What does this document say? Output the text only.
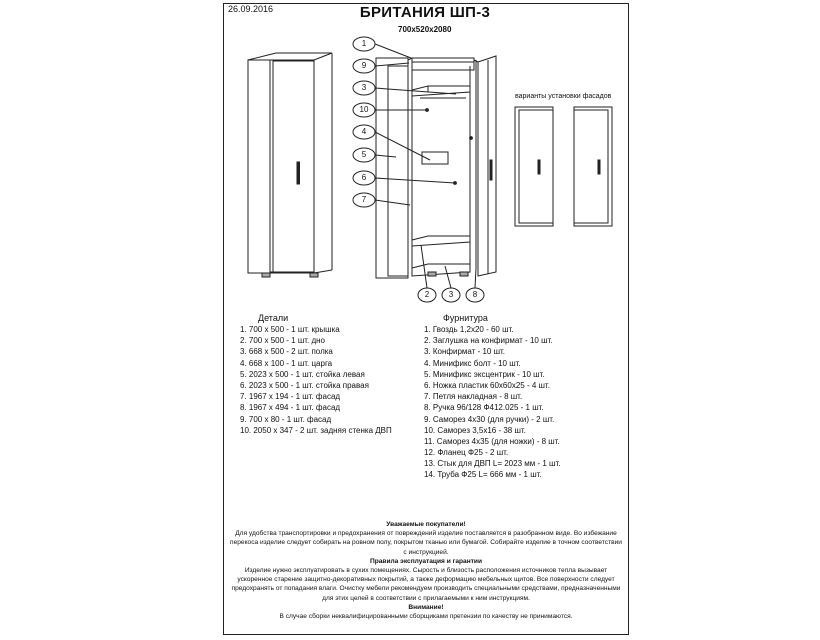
26.09.2016	БРИТАНИЯ ШП-3
700х520х2080
варианты установки фасадов
1
9
3
10
4
5
6
7
2	3	8
Детали
1. 700 х 500 - 1 шт. крышка
2. 700 х 500 - 1 шт. дно
3. 668 х 500 - 2 шт. полка
4. 668 х 100 - 1 шт. царга
5. 2023 х 500 - 1 шт. стойка левая
6. 2023 х 500 - 1 шт. стойка правая
7. 1967 х 194 - 1 шт. фасад
8. 1967 х 494 - 1 шт. фасад
9. 700 х 80 - 1 шт. фасад
10. 2050 х 347 - 2 шт. задняя стенка ДВП
Фурнитура
1. Гвоздь 1,2х20 - 60 шт.
2. Заглушка на конфирмат - 10 шт.
3. Конфирмат - 10 шт.
4. Минификс болт - 10 шт.
5. Минификс эксцентрик - 10 шт.
6. Ножка пластик 60х60х25 - 4 шт.
7. Петля накладная - 8 шт.
8. Ручка 96/128 Ф412.025 - 1 шт.
9. Саморез 4х30 (для ручки) - 2 шт.
10. Саморез 3,5х16 - 38 шт.
11. Саморез 4х35 (для ножки) - 8 шт.
12. Фланец Ф25 - 2 шт.
13. Стык для ДВП L= 2023 мм - 1 шт.
14. Труба Ф25 L= 666 мм - 1 шт.
Уважаемые покупатели!
Для удобства транспортировки и предохранения от повреждений изделие поставляется в разобранном виде. Во избежание перекоса изделие следует собирать на ровном полу, покрытом тканью или бумагой. Собирайте изделие в точном соответствии с инструкцией.
Правила эксплуатация и гарантии
Изделие нужно эксплуатировать в сухих помещениях. Сырость и близость расположения источников тепла вызывает ускоренное старение защитно-декоративных покрытий, а также деформацию мебельных щитов. Все поверхности следует предохранять от попадания влаги. Очистку мебели рекомендуем производить специальными средствами, предназначенными для этих целей в соответствии с прилагаемыми к ним инструкциям.
Внимание!
В случае сборки неквалифицированными сборщиками претензии по качеству не принимаются.
